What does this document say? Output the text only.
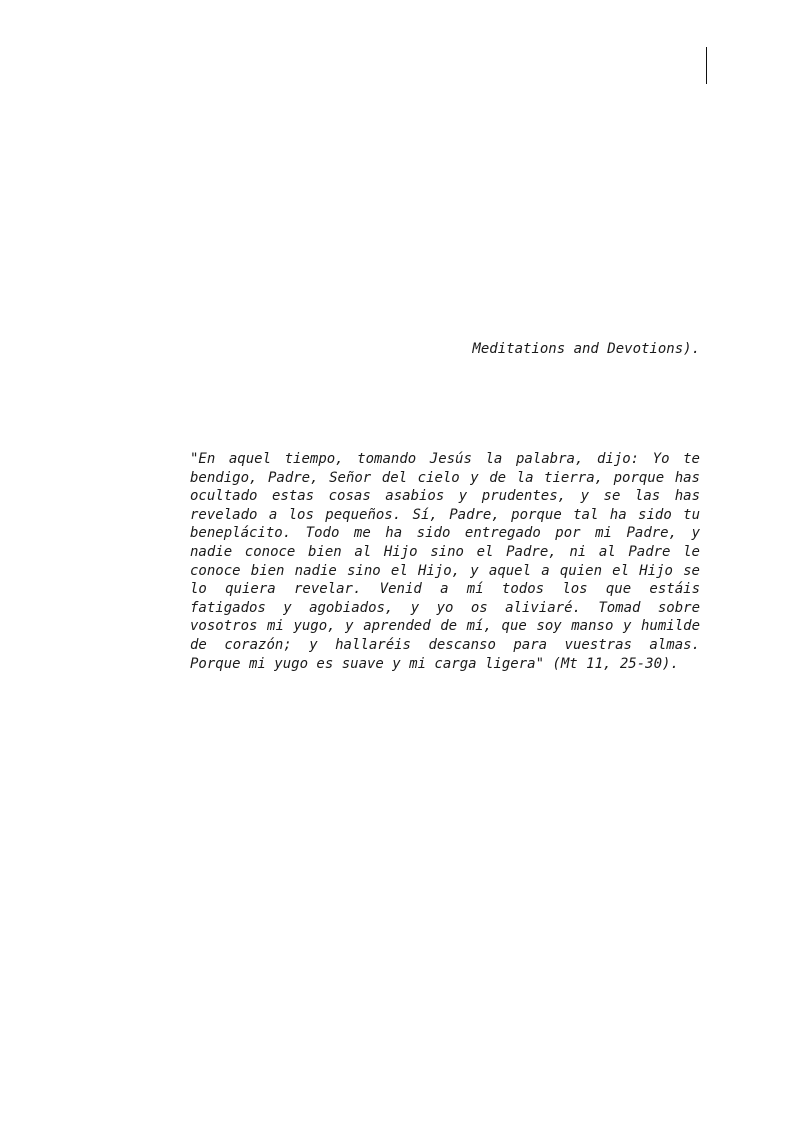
Meditations and Devotions).

"En aquel tiempo, tomando Jesús la palabra, dijo: Yo te
bendigo, Padre, Señor del cielo y de la tierra, porque has
ocultado estas cosas asabios y prudentes, y se las has
revelado a los pequeños. Sí, Padre, porque tal ha sido tu
beneplácito. Todo me ha sido entregado por mi Padre, y
nadie conoce bien al Hijo sino el Padre, ni al Padre le
conoce bien nadie sino el Hijo, y aquel a quien el Hijo se
lo quiera revelar. Venid a mí todos los que estáis
fatigados y agobiados, y yo os aliviaré. Tomad sobre
vosotros mi yugo, y aprended de mí, que soy manso y humilde
de corazón; y hallaréis descanso para vuestras almas.
Porque mi yugo es suave y mi carga ligera" (Mt 11, 25-30).
